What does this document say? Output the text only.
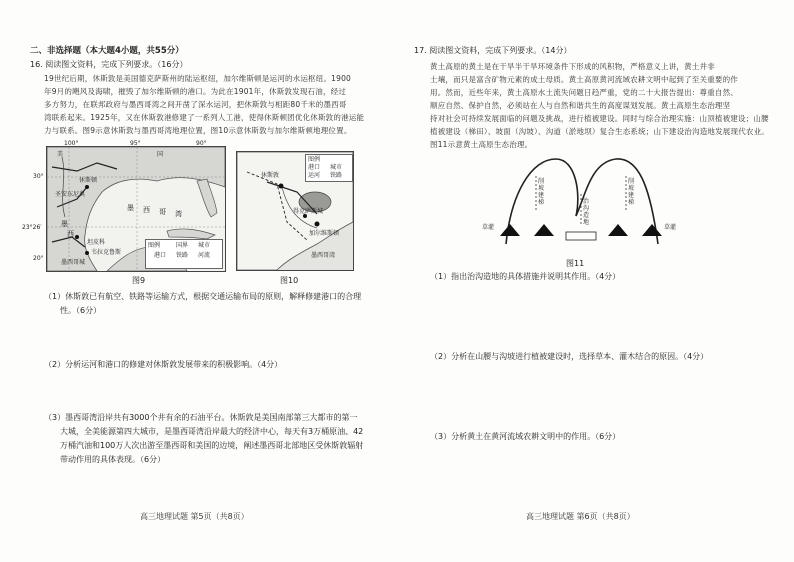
二、非选择题（本大题4小题，共55分）
16. 阅读图文资料，完成下列要求。（16分）
19世纪后期，休斯敦是美国德克萨斯州的陆运枢纽，加尔维斯顿是运河的水运枢纽。1900
年9月的飓风及海啸，摧毁了加尔维斯顿的港口。为此在1901年，休斯敦发现石油，经过
多方努力，在联邦政府与墨西哥湾之间开凿了深水运河，把休斯敦与相距80千米的墨西哥
湾联系起来。1925年，又在休斯敦港修建了一系列人工港，使得休斯顿团优化休斯敦的港运能
力与联系。图9示意休斯敦与墨西哥湾地理位置，图10示意休斯敦与加尔维斯顿地理位置。
美	国
休斯顿
圣安东尼奥
墨 西 哥 湾
墨
西
坦皮科
韦拉克鲁斯
墨西哥城
图例	国界 城市
港口 铁路 河流
100°	95°	90°
30°
23°26′
20°
图9
休斯敦
加尔维斯顿
得克萨斯城
墨西哥湾
图例
港口 城市
运河 铁路
图10
（1）休斯敦已有航空、铁路等运输方式，根据交通运输布局的原则，解释修建港口的合理
性。（6分）
（2）分析运河和港口的修建对休斯敦发展带来的积极影响。（4分）
（3）墨西哥湾沿岸共有3000个井有余的石油平台。休斯敦是美国南部第三大都市的第一
大城，全美能源第四大城市，是墨西哥湾沿岸最大的经济中心，每天有3万桶原油、42
万桶汽油和100万人次出游至墨西哥和美国的边境，阐述墨西哥北部地区受休斯敦辐射
带动作用的具体表现。（6分）
高三地理试题 第5页（共8页）
17. 阅读图文资料，完成下列要求。（14分）
黄土高原的黄土是在干旱半干旱环境条件下形成的风积物，严格意义上讲，黄土并非
土壤，而只是富含矿物元素的成土母质。黄土高原黄河流域农耕文明中起到了至关重要的作
用。然而，近些年来，黄土高原水土流失问题日趋严重，党的二十大报告提出：尊重自然、
顺应自然、保护自然，必须站在人与自然和谐共生的高度谋划发展。黄土高原生态治理坚
持对社会可持续发展面临的问题及挑战，进行植被建设。同时与综合治理实施：山顶植被建设；山腰
植被建设（梯田）、坡面（沟坡）、沟道（淤地坝）复合生态系统；山下建设治沟造地发展现代农业。
图11示意黄土高原生态治理。
削坡建梯
削坡建梯
治沟造地
草灌	草灌
图11
（1）指出治沟造地的具体措施并说明其作用。（4分）
（2）分析在山腰与沟坡进行植被建设时，选择草本、灌木结合的原因。（4分）
（3）分析黄土在黄河流域农耕文明中的作用。（6分）
高三地理试题 第6页（共8页）
